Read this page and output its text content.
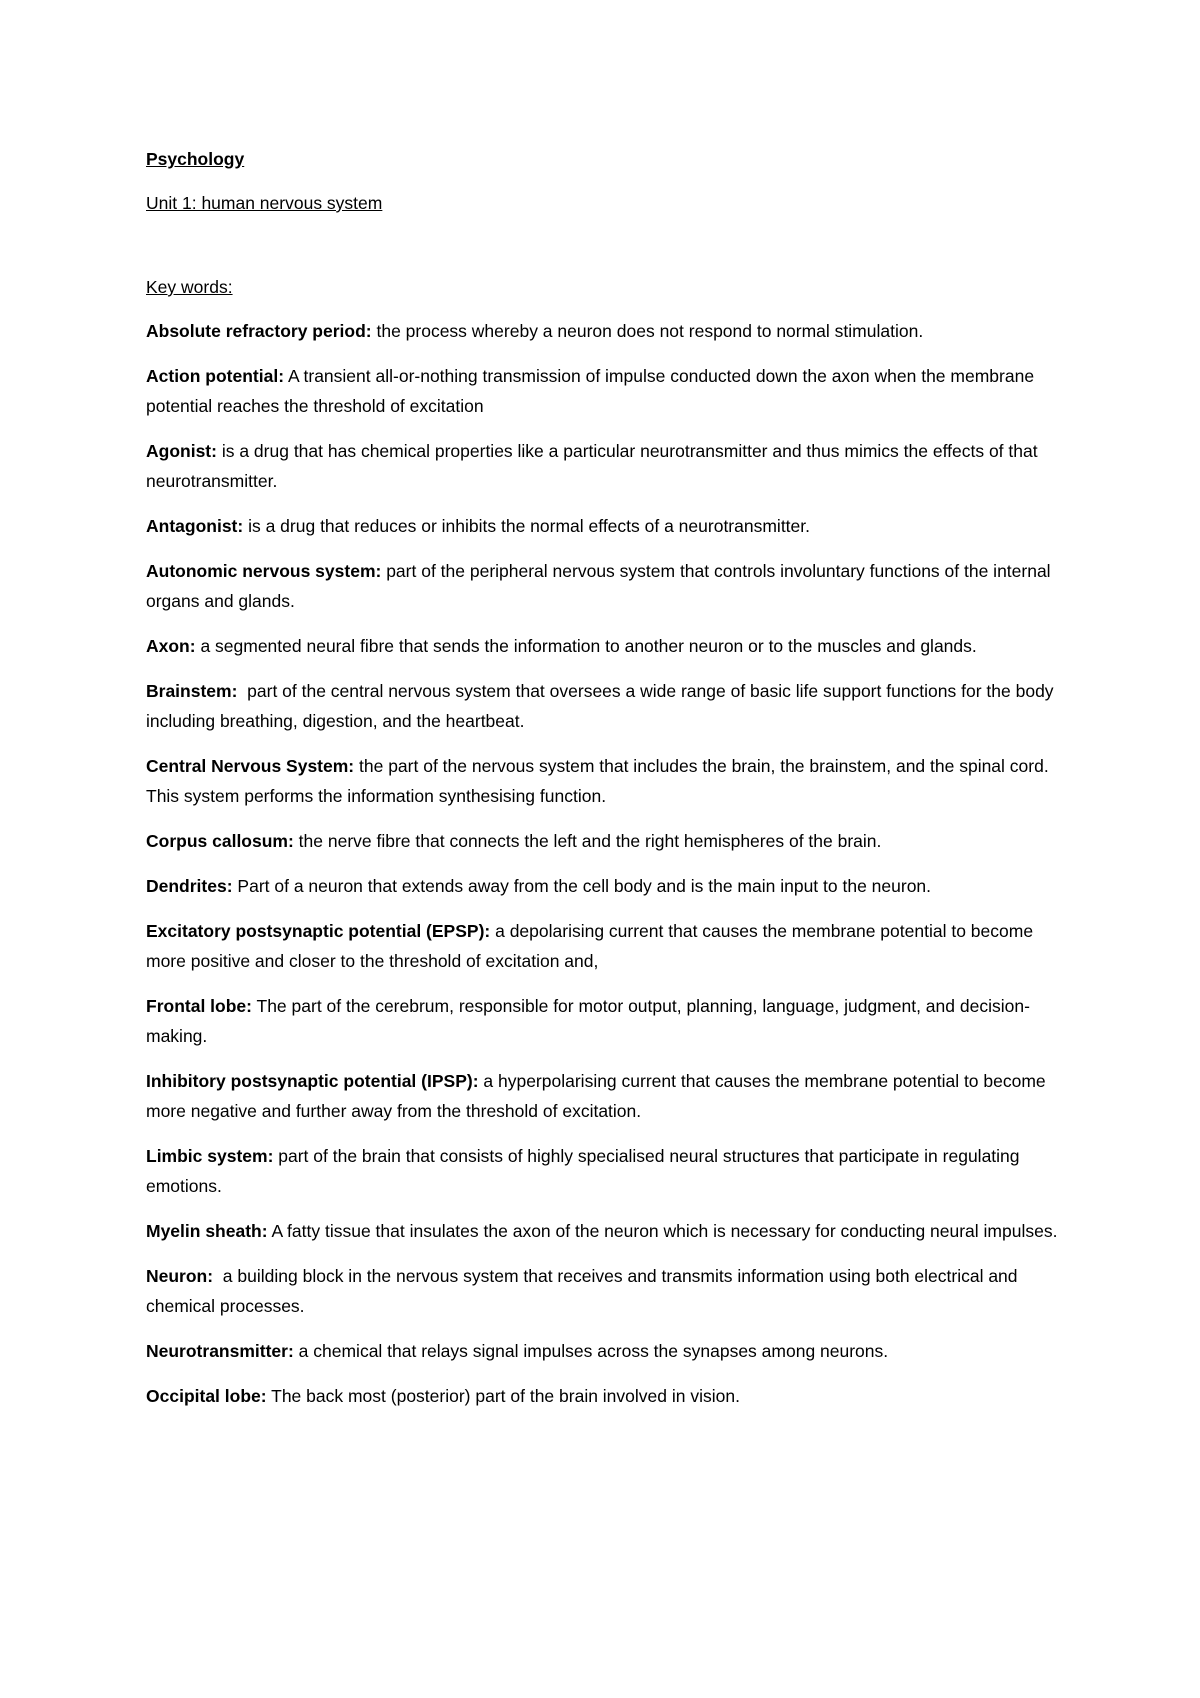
Psychology
Unit 1: human nervous system
Key words:
Absolute refractory period: the process whereby a neuron does not respond to normal stimulation.
Action potential: A transient all-or-nothing transmission of impulse conducted down the axon when the membrane potential reaches the threshold of excitation
Agonist: is a drug that has chemical properties like a particular neurotransmitter and thus mimics the effects of that neurotransmitter.
Antagonist: is a drug that reduces or inhibits the normal effects of a neurotransmitter.
Autonomic nervous system: part of the peripheral nervous system that controls involuntary functions of the internal organs and glands.
Axon: a segmented neural fibre that sends the information to another neuron or to the muscles and glands.
Brainstem:  part of the central nervous system that oversees a wide range of basic life support functions for the body including breathing, digestion, and the heartbeat.
Central Nervous System: the part of the nervous system that includes the brain, the brainstem, and the spinal cord. This system performs the information synthesising function.
Corpus callosum: the nerve fibre that connects the left and the right hemispheres of the brain.
Dendrites: Part of a neuron that extends away from the cell body and is the main input to the neuron.
Excitatory postsynaptic potential (EPSP): a depolarising current that causes the membrane potential to become more positive and closer to the threshold of excitation and,
Frontal lobe: The part of the cerebrum, responsible for motor output, planning, language, judgment, and decision-making.
Inhibitory postsynaptic potential (IPSP): a hyperpolarising current that causes the membrane potential to become more negative and further away from the threshold of excitation.
Limbic system: part of the brain that consists of highly specialised neural structures that participate in regulating emotions.
Myelin sheath: A fatty tissue that insulates the axon of the neuron which is necessary for conducting neural impulses.
Neuron:  a building block in the nervous system that receives and transmits information using both electrical and chemical processes.
Neurotransmitter: a chemical that relays signal impulses across the synapses among neurons.
Occipital lobe: The back most (posterior) part of the brain involved in vision.
